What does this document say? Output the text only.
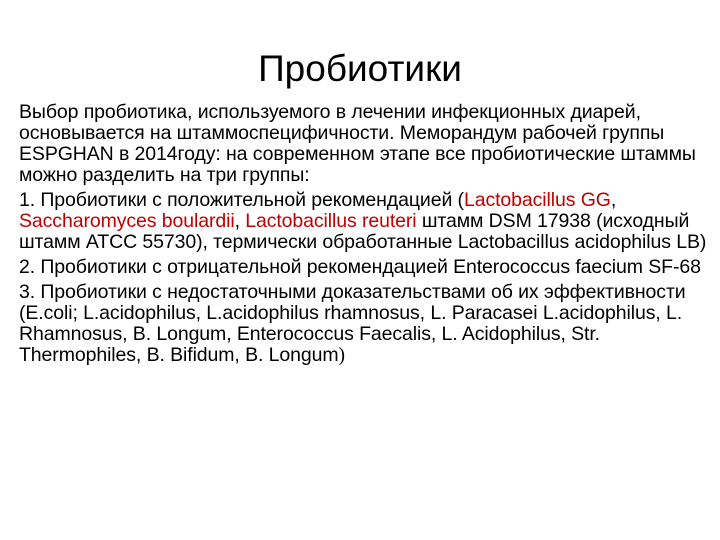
Пробиотики

Выбор пробиотика, используемого в лечении инфекционных диарей, основывается на штаммоспецифичности. Меморандум рабочей группы ESPGHAN в 2014году: на современном этапе все пробиотические штаммы можно разделить на три группы:

1. Пробиотики с положительной рекомендацией (Lactobacillus GG, Saccharomyces boulardii, Lactobacillus reuteri штамм DSM 17938 (исходный штамм ATCC 55730), термически обработанные Lactobacillus acidophilus LB)

2. Пробиотики с отрицательной рекомендацией Enterococcus faecium SF-68

3. Пробиотики с недостаточными доказательствами об их эффективности (E.coli; L.acidophilus, L.acidophilus rhamnosus, L. Paracasei L.acidophilus, L. Rhamnosus, B. Longum, Enterococcus Faecalis, L. Acidophilus, Str. Thermophiles, B. Bifidum, B. Longum)
